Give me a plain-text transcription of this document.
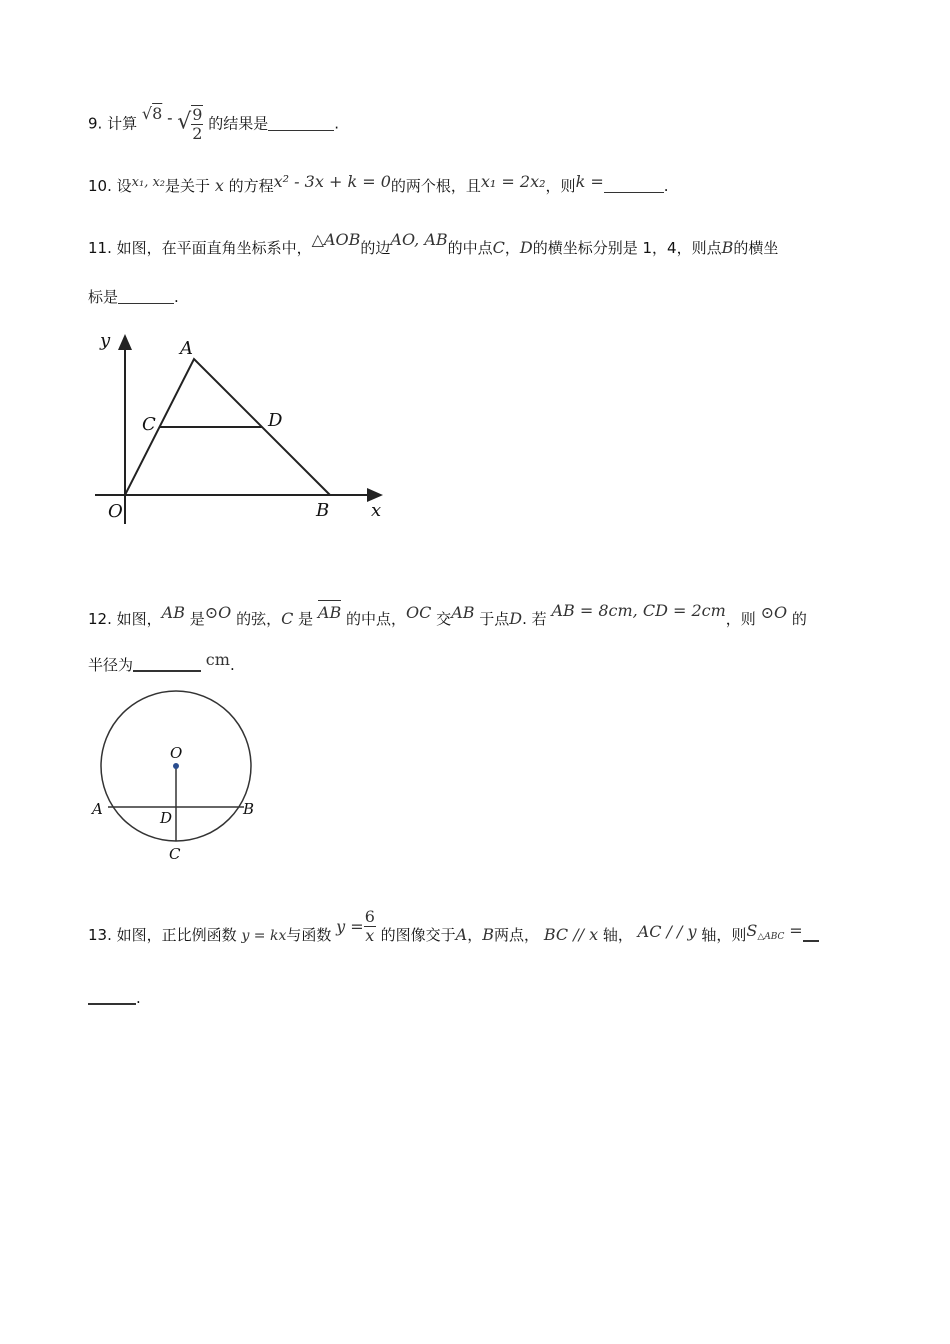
9. 计算 √8 - √ $\frac{9}{2}$ 的结果是	.
10. 设x₁, x₂是关于 x 的方程x² - 3x + k = 0的两个根，且x₁ = 2x₂，则k =	.
11. 如图，在平面直角坐标系中，△AOB的边AO, AB的中点C，D的横坐标分别是 1，4，则点B的横坐
标是	.
y	A
C	D
O	B x
12. 如图，AB 是⊙O 的弦，C 是 AB 的中点，OC 交AB 于点D. 若 AB = 8cm, CD = 2cm，则 ⊙O 的
半径为	cm.
O
A	B
D
C
13. 如图，正比例函数 y = kx与函数 $y = \frac{6}{x}$ 的图像交于A，B两点， BC // x 轴， AC / / y 轴，则$S_{\triangle ABC}$ =
.
